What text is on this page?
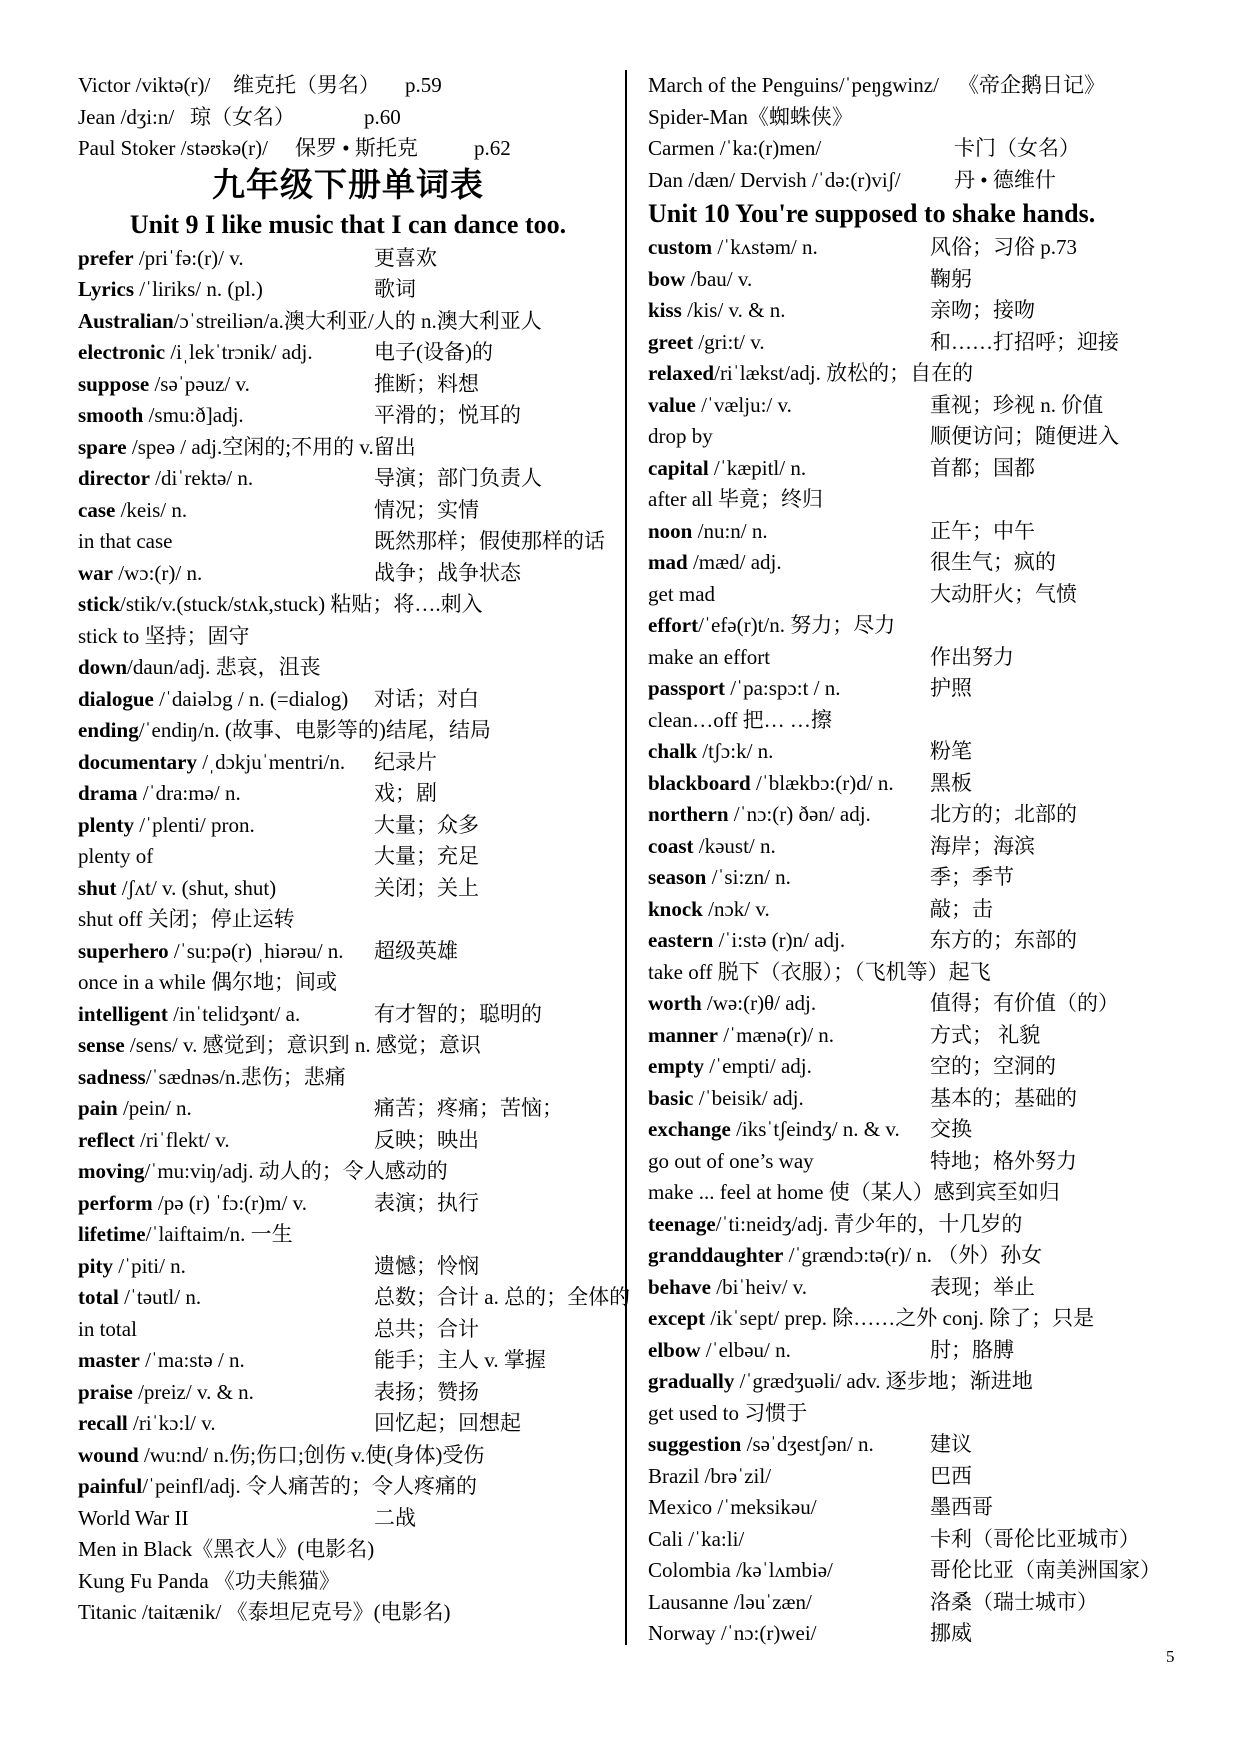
Victor /viktə(r)/ 维克托（男名） p.59
Jean /dʒi:n/ 琼（女名）	p.60
Paul Stoker /stəʊkə(r)/ 保罗 • 斯托克	p.62
九年级下册单词表
Unit 9 I like music that I can dance too.
prefer /priˈfə:(r)/ v.	更喜欢
Lyrics /ˈliriks/ n. (pl.)	歌词
Australian/ɔˈstreiliən/a.澳大利亚/人的 n.澳大利亚人
electronic /iˌlekˈtrɔnik/ adj.	电子(设备)的
suppose /səˈpəuz/ v.	推断；料想
smooth /smu:ð]adj.	平滑的；悦耳的
spare /speə / adj.空闲的;不用的 v.留出
director /diˈrektə/ n.	导演；部门负责人
case /keis/ n.	情况；实情
in that case	既然那样；假使那样的话
war /wɔ:(r)/ n.	战争；战争状态
stick/stik/v.(stuck/stʌk,stuck) 粘贴；将….刺入
stick to 坚持；固守
down/daun/adj. 悲哀，沮丧
dialogue /ˈdaiəlɔg / n. (=dialog) 对话；对白
ending/ˈendiŋ/n. (故事、电影等的)结尾，结局
documentary /ˌdɔkjuˈmentri/n. 纪录片
drama /ˈdra:mə/ n.	戏；剧
plenty /ˈplenti/ pron.	大量；众多
plenty of	大量；充足
shut /ʃʌt/ v. (shut, shut)	关闭；关上
shut off 关闭；停止运转
superhero /ˈsu:pə(r) ˌhiərəu/ n. 超级英雄
once in a while 偶尔地；间或
intelligent /inˈtelidʒənt/ a.	有才智的；聪明的
sense /sens/ v. 感觉到；意识到 n. 感觉；意识
sadness/ˈsædnəs/n.悲伤；悲痛
pain /pein/ n.	痛苦；疼痛；苦恼；
reflect /riˈflekt/ v.	反映；映出
moving/ˈmu:viŋ/adj. 动人的；令人感动的
perform /pə (r) ˈfɔ:(r)m/ v.	表演；执行
lifetime/ˈlaiftaim/n. 一生
pity /ˈpiti/ n.	遗憾；怜悯
total /ˈtəutl/ n.	总数；合计 a. 总的；全体的
in total	总共；合计
master /ˈma:stə / n.	能手；主人 v. 掌握
praise /preiz/ v. & n.	表扬；赞扬
recall /riˈkɔ:l/ v.	回忆起；回想起
wound /wu:nd/ n.伤;伤口;创伤 v.使(身体)受伤
painful/ˈpeinfl/adj. 令人痛苦的；令人疼痛的
World War II	二战
Men in Black《黑衣人》(电影名)
Kung Fu Panda 《功夫熊猫》
Titanic /taitænik/ 《泰坦尼克号》(电影名)
March of the Penguins/ˈpeŋgwinz/ 《帝企鹅日记》
Spider-Man《蜘蛛侠》
Carmen /ˈka:(r)men/	卡门（女名）
Dan /dæn/ Dervish /ˈdə:(r)viʃ/	丹 • 德维什
Unit 10 You're supposed to shake hands.
custom /ˈkʌstəm/ n.	风俗；习俗 p.73
bow /bau/ v.	鞠躬
kiss /kis/ v. & n.	亲吻；接吻
greet /gri:t/ v.	和……打招呼；迎接
relaxed/riˈlækst/adj. 放松的；自在的
value /ˈvælju:/ v.	重视；珍视 n. 价值
drop by	顺便访问；随便进入
capital /ˈkæpitl/ n.	首都；国都
after all 毕竟；终归
noon /nu:n/ n.	正午；中午
mad /mæd/ adj.	很生气；疯的
get mad	大动肝火；气愤
effort/ˈefə(r)t/n. 努力；尽力
make an effort	作出努力
passport /ˈpa:spɔ:t / n.	护照
clean…off 把… …擦
chalk /tʃɔ:k/ n.	粉笔
blackboard /ˈblækbɔ:(r)d/ n. 黑板
northern /ˈnɔ:(r) ðən/ adj.	北方的；北部的
coast /kəust/ n.	海岸；海滨
season /ˈsi:zn/ n.	季；季节
knock /nɔk/ v.	敲；击
eastern /ˈi:stə (r)n/ adj.	东方的；东部的
take off 脱下（衣服）；（飞机等）起飞
worth /wə:(r)θ/ adj.	值得；有价值（的）
manner /ˈmænə(r)/ n.	方式； 礼貌
empty /ˈempti/ adj.	空的；空洞的
basic /ˈbeisik/ adj.	基本的；基础的
exchange /iksˈtʃeindʒ/ n. & v. 交换
go out of one’s way	特地；格外努力
make ... feel at home 使（某人）感到宾至如归
teenage/ˈti:neidʒ/adj. 青少年的，十几岁的
granddaughter /ˈgrændɔ:tə(r)/ n. （外）孙女
behave /biˈheiv/ v.	表现；举止
except /ikˈsept/ prep. 除……之外 conj. 除了；只是
elbow /ˈelbəu/ n.	肘；胳膊
gradually /ˈgrædʒuəli/ adv. 逐步地；渐进地
get used to 习惯于
suggestion /səˈdʒestʃən/ n.	建议
Brazil /brəˈzil/	巴西
Mexico /ˈmeksikəu/	墨西哥
Cali /ˈka:li/	卡利（哥伦比亚城市）
Colombia /kəˈlʌmbiə/	哥伦比亚（南美洲国家）
Lausanne /ləuˈzæn/	洛桑（瑞士城市）
Norway /ˈnɔ:(r)wei/	挪威
5
